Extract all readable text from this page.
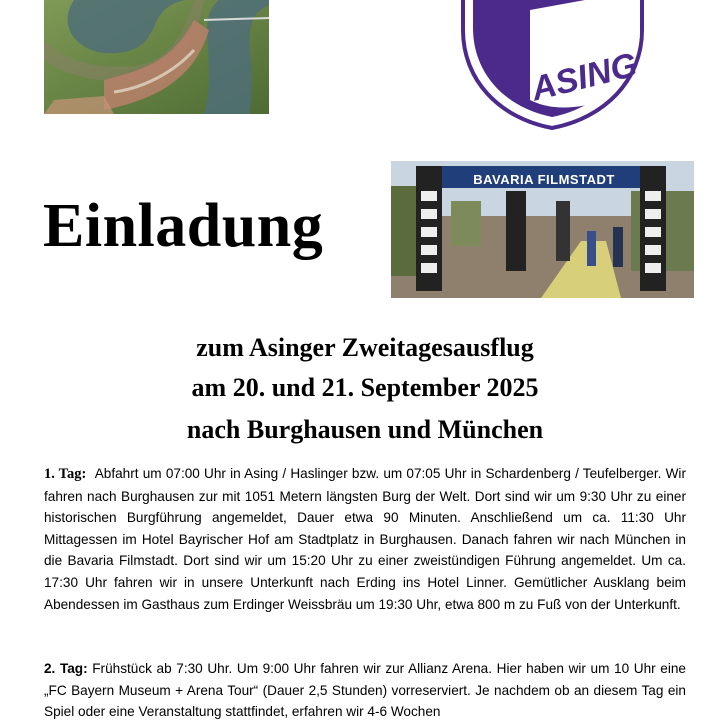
ASING
Einladung
BAVARIA FILMSTADT
zum Asinger Zweitagesausflug
am 20. und 21. September 2025
nach Burghausen und München

1. Tag: Abfahrt um 07:00 Uhr in Asing / Haslinger bzw. um 07:05 Uhr in Schardenberg / Teufelberger. Wir fahren nach Burghausen zur mit 1051 Metern längsten Burg der Welt. Dort sind wir um 9:30 Uhr zu einer historischen Burgführung angemeldet, Dauer etwa 90 Minuten. Anschließend um ca. 11:30 Uhr Mittagessen im Hotel Bayrischer Hof am Stadtplatz in Burghausen. Danach fahren wir nach München in die Bavaria Filmstadt. Dort sind wir um 15:20 Uhr zu einer zweistündigen Führung angemeldet. Um ca. 17:30 Uhr fahren wir in unsere Unterkunft nach Erding ins Hotel Linner. Gemütlicher Ausklang beim Abendessen im Gasthaus zum Erdinger Weissbräu um 19:30 Uhr, etwa 800 m zu Fuß von der Unterkunft.

2. Tag: Frühstück ab 7:30 Uhr. Um 9:00 Uhr fahren wir zur Allianz Arena. Hier haben wir um 10 Uhr eine „FC Bayern Museum + Arena Tour“ (Dauer 2,5 Stunden) vorreserviert. Je nachdem ob an diesem Tag ein Spiel oder eine Veranstaltung stattfindet, erfahren wir 4-6 Wochen
